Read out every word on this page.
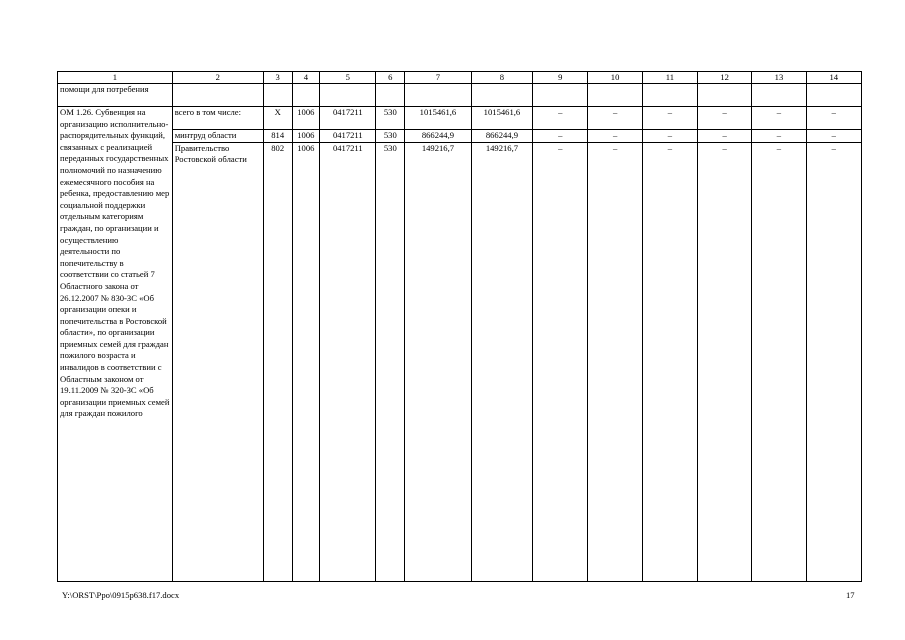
1	2	3	4	5	6	7	8	9	10	11	12	13	14
помощи для потребения													
ОМ 1.26. Субвенция на организацию исполнительно- распорядительных функций, связанных с реализацией переданных государственных полномочий по назначению ежемесячного пособия на ребенка, предоставлению мер социальной поддержки отдельным категориям граждан, по организации и осуществлению деятельности по попечительству в соответствии со статьей 7 Областного закона от 26.12.2007 № 830-ЗС «Об организации опеки и попечительства в Ростовской области», по организации приемных семей для граждан пожилого возраста и инвалидов в соответствии с Областным законом от 19.11.2009 № 320-ЗС «Об организации приемных семей для граждан пожилого	всего в том числе:	X	1006	0417211	530	1015461,6	1015461,6	–	–	–	–	–	–
	минтруд области	814	1006	0417211	530	866244,9	866244,9	–	–	–	–	–	–
	Правительство Ростовской области	802	1006	0417211	530	149216,7	149216,7	–	–	–	–	–	–
Y:\ORST\Ppo\0915p638.f17.docx	17
